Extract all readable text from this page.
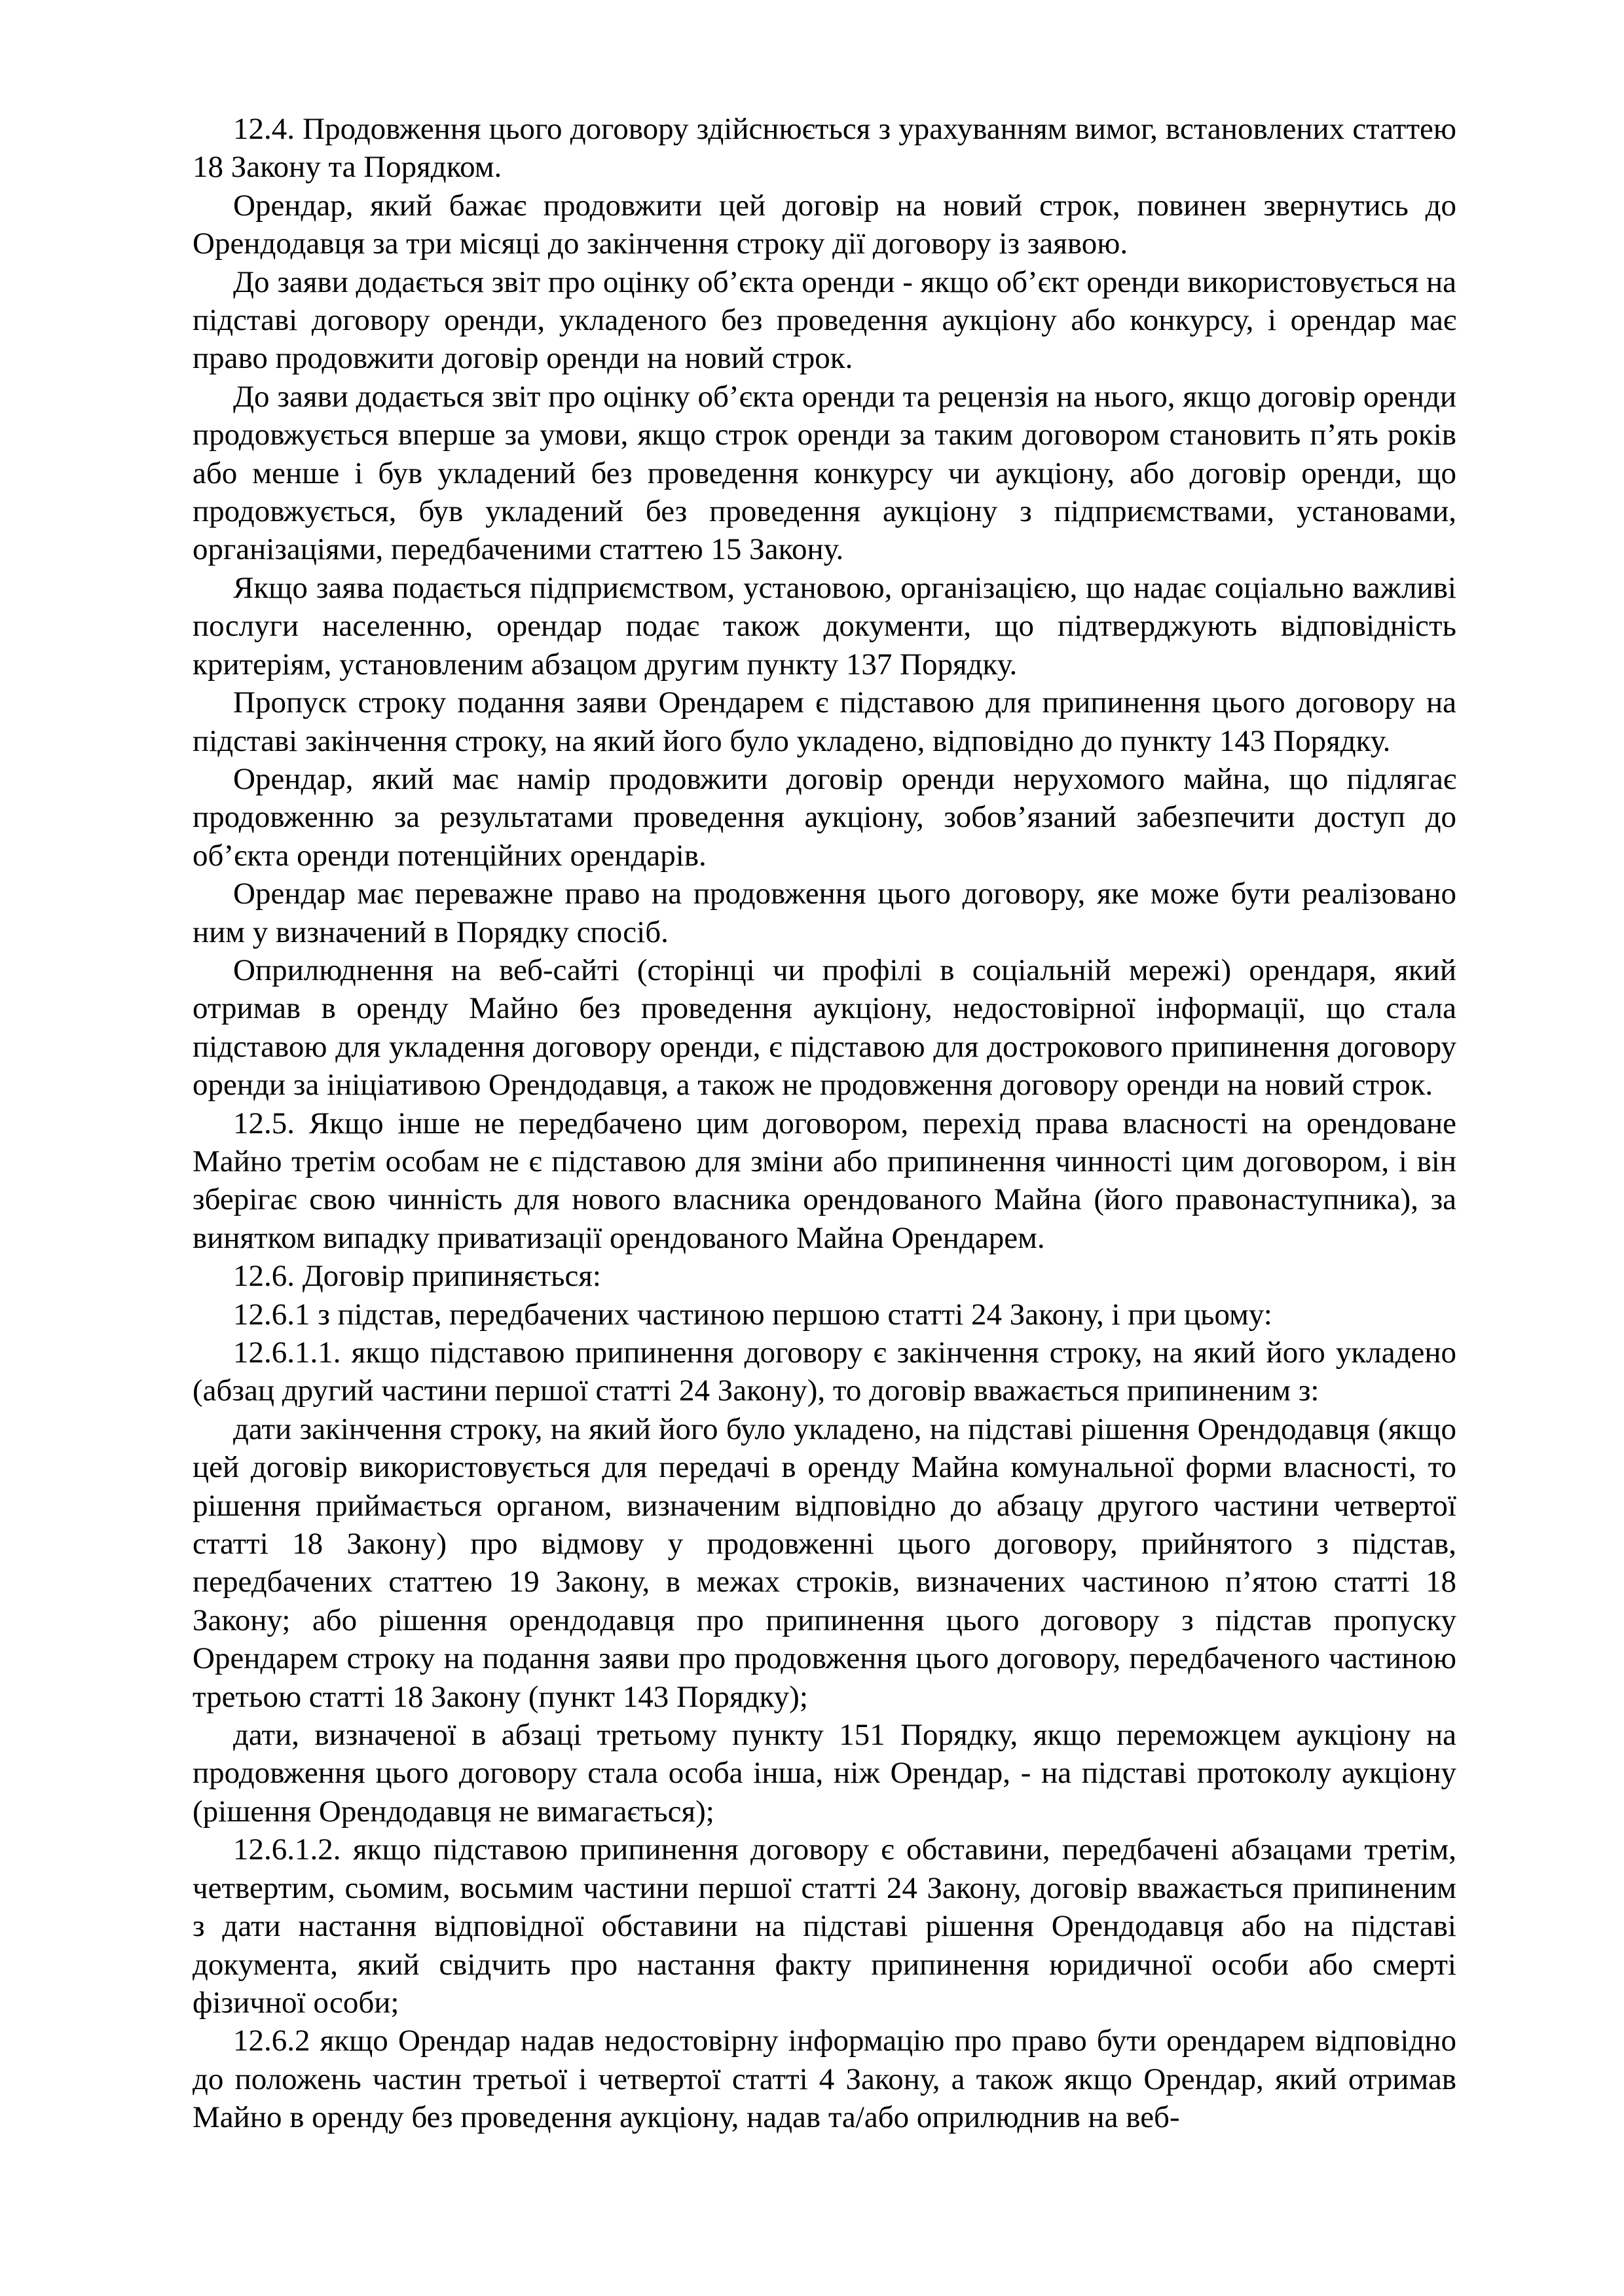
12.4. Продовження цього договору здійснюється з урахуванням вимог, встановлених статтею 18 Закону та Порядком.

Орендар, який бажає продовжити цей договір на новий строк, повинен звернутись до Орендодавця за три місяці до закінчення строку дії договору із заявою.

До заяви додається звіт про оцінку об’єкта оренди - якщо об’єкт оренди використовується на підставі договору оренди, укладеного без проведення аукціону або конкурсу, і орендар має право продовжити договір оренди на новий строк.

До заяви додається звіт про оцінку об’єкта оренди та рецензія на нього, якщо договір оренди продовжується вперше за умови, якщо строк оренди за таким договором становить п’ять років або менше і був укладений без проведення конкурсу чи аукціону, або договір оренди, що продовжується, був укладений без проведення аукціону з підприємствами, установами, організаціями, передбаченими статтею 15 Закону.

Якщо заява подається підприємством, установою, організацією, що надає соціально важливі послуги населенню, орендар подає також документи, що підтверджують відповідність критеріям, установленим абзацом другим пункту 137 Порядку.

Пропуск строку подання заяви Орендарем є підставою для припинення цього договору на підставі закінчення строку, на який його було укладено, відповідно до пункту 143 Порядку.

Орендар, який має намір продовжити договір оренди нерухомого майна, що підлягає продовженню за результатами проведення аукціону, зобов’язаний забезпечити доступ до об’єкта оренди потенційних орендарів.

Орендар має переважне право на продовження цього договору, яке може бути реалізовано ним у визначений в Порядку спосіб.

Оприлюднення на веб-сайті (сторінці чи профілі в соціальній мережі) орендаря, який отримав в оренду Майно без проведення аукціону, недостовірної інформації, що стала підставою для укладення договору оренди, є підставою для дострокового припинення договору оренди за ініціативою Орендодавця, а також не продовження договору оренди на новий строк.

12.5. Якщо інше не передбачено цим договором, перехід права власності на орендоване Майно третім особам не є підставою для зміни або припинення чинності цим договором, і він зберігає свою чинність для нового власника орендованого Майна (його правонаступника), за винятком випадку приватизації орендованого Майна Орендарем.

12.6. Договір припиняється:

12.6.1 з підстав, передбачених частиною першою статті 24 Закону, і при цьому:

12.6.1.1. якщо підставою припинення договору є закінчення строку, на який його укладено (абзац другий частини першої статті 24 Закону), то договір вважається припиненим з:

дати закінчення строку, на який його було укладено, на підставі рішення Орендодавця (якщо цей договір використовується для передачі в оренду Майна комунальної форми власності, то рішення приймається органом, визначеним відповідно до абзацу другого частини четвертої статті 18 Закону) про відмову у продовженні цього договору, прийнятого з підстав, передбачених статтею 19 Закону, в межах строків, визначених частиною п’ятою статті 18 Закону; або рішення орендодавця про припинення цього договору з підстав пропуску Орендарем строку на подання заяви про продовження цього договору, передбаченого частиною третьою статті 18 Закону (пункт 143 Порядку);

дати, визначеної в абзаці третьому пункту 151 Порядку, якщо переможцем аукціону на продовження цього договору стала особа інша, ніж Орендар, - на підставі протоколу аукціону (рішення Орендодавця не вимагається);

12.6.1.2. якщо підставою припинення договору є обставини, передбачені абзацами третім, четвертим, сьомим, восьмим частини першої статті 24 Закону, договір вважається припиненим з дати настання відповідної обставини на підставі рішення Орендодавця або на підставі документа, який свідчить про настання факту припинення юридичної особи або смерті фізичної особи;

12.6.2 якщо Орендар надав недостовірну інформацію про право бути орендарем відповідно до положень частин третьої і четвертої статті 4 Закону, а також якщо Орендар, який отримав Майно в оренду без проведення аукціону, надав та/або оприлюднив на веб-
